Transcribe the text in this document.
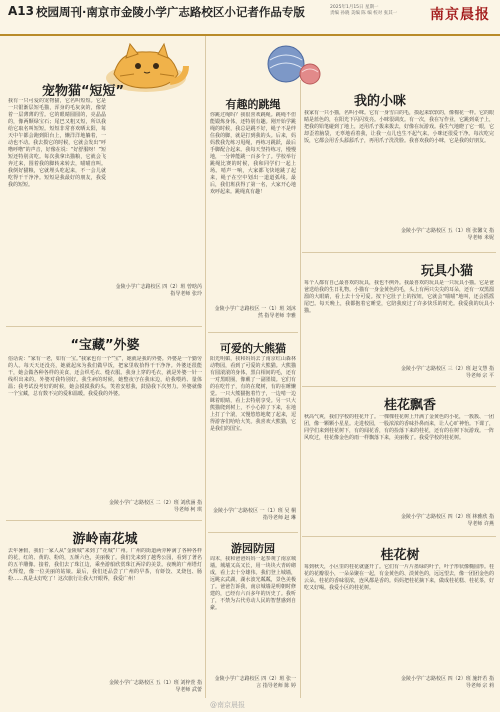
A13 校园周刊·南京市金陵小学广志路校区小记者作品专版	2025年1月15日 星期一
责编 孙晓 美编 陈 编 校对 张其一	南京晨报
宠物猫“短短”
我有一只可爱的宠物猫，它名叫短短。它是一只银渐层短毛猫，浑身的毛灰灰的，像蒙着一层薄薄的雪。它的眼睛圆圆的，亮晶晶的，像两颗绿宝石；尾巴又粗又短，所以我给它取名叫短短。短短非常喜欢晒太阳，每天中午都会跑到阳台上，懒洋洋地躺着，一动也不动。我去摸它的时候，它就会发出“呼噜呼噜”的声音，好像在说：“好舒服呀！”短短还特别贪吃。每次我拿出猫粮，它就会飞奔过来，围着我的脚转来转去，喵喵直叫。我倒好猫粮，它就埋头吃起来，不一会儿就吃得干干净净。短短是我最好的朋友，我爱我的短短。
金陵小学广志路校区 四（2）班 曾晗芮 指导老师 张玲
“宝藏”外婆
俗话说：“家有一老，如有一宝。”我家也有一个“宝”，她就是我的外婆。外婆是一个勤劳的人。每天天还没亮，她就起床为我们做早饭，把家里收拾得干干净净。外婆还很能干，她会做各种各样的美食，还会织毛衣、缝衣服。我身上穿的毛衣，就是外婆一针一线织出来的。外婆对我特别好。我生病的时候，她整夜守在我床边，给我喂药、量体温；我考试没考好的时候，她会摸摸我的头，笑着安慰我，鼓励我下次努力。外婆就像一个宝藏，总有数不完的爱和温暖。我爱我的外婆。
金陵小学广志路校区 二（2）班 刘欣涵 指导老师 柯 琪
游岭南花城
去年暑假，我们一家人从“金陵城”来到了“花城”广州。广州的街道两旁种满了各种各样的花，红的、黄的、粉的，五颜六色，美丽极了。我们先来到了越秀公园，看到了著名的五羊雕像。接着，我们去了珠江边，乘坐游船欣赏珠江两岸的美景。夜晚的广州塔灯火辉煌，像一位美丽的姑娘。最后，我们还品尝了广州的早茶，有虾饺、叉烧包、肠粉……真是太好吃了！这次旅行让我大开眼界，我爱广州！
金陵小学广志路校区 五（1）班 刘梓萱 指导老师 武蕾
有趣的跳绳
你跳过绳吗？我很喜欢跳绳。跳绳不但能锻炼身体，还特别有趣。刚开始学跳绳的时候，我总是跳不好，绳子不是绊住我的脚，就是打到我的头。后来，妈妈教我先练习甩绳，再练习跳跃，最后手脚配合起来。我每天坚持练习，慢慢地，一分钟能跳一百多个了。学校举行跳绳比赛的时候，我和同学们一起上场。哨声一响，大家都飞快地跳了起来，绳子在空中划出一道道弧线。最后，我们班获得了第一名，大家开心地欢呼起来。跳绳真有趣！
金陵小学广志路校区 一（1）班 刘沐然 指导老师 李雅
可爱的大熊猫
阳光明媚，我和妈妈去了南京红山森林动物园，看到了可爱的大熊猫。大熊猫有圆滚滚的身体，黑白相间的毛，还有一对黑眼圈，像戴了一副墨镜。它们有的在吃竹子，有的在爬树，有的在睡懒觉。一只大熊猫抱着竹子，一边啃一边眯着眼睛，看上去特别享受。另一只大熊猫爬到树上，不小心掉了下来，在地上打了个滚，又慢悠悠地爬了起来，逗得游客们哈哈大笑。我喜欢大熊猫，它是我们的国宝。
金陵小学广志路校区 一（1）班 吴 桐 指导老师 赵 琳
游园防园
周末，我和爸爸妈妈一起参观了南京城墙。城墙又高又长，用一块块大青砖砌成，看上去十分雄伟。我们登上城墙，远眺玄武湖，湖水波光粼粼，景色美极了。爸爸告诉我，南京城墙是明朝时修建的，已经有六百多年的历史了。我听了，不禁为古代劳动人民的智慧感到自豪。
金陵小学广志路校区 四（2）班 张一言 指导老师 陈 婷
我的小咪
我家有一只小猫，名叫小咪。它有一身雪白的毛，摸起来软软的，像棉花一样。它的眼睛是蓝色的，在阳光下闪闪发亮。小咪很调皮。有一次，我在写作业，它跳到桌子上，把我的铅笔碰到了地上，还用爪子拨来拨去，好像在玩游戏。我生气地瞪了它一眼，它却歪着脑袋，无辜地看着我，让我一点儿也生不起气来。小咪还很爱干净。每次吃完饭，它都会用舌头舔舔爪子，再用爪子洗洗脸。我喜欢我的小咪，它是我的好朋友。
金陵小学广志路校区 五（1）班 张馨文 指导老师 米妮
玩具小猫
每个人都有自己最喜欢的玩具，我也不例外。我最喜欢的玩具是一只玩具小猫。它是爸爸送给我的生日礼物。小猫有一身金黄色的毛，头上有两只尖尖的耳朵，还有一双黑溜溜的大眼睛，看上去十分可爱。按下它肚子上的按钮，它就会“喵喵”地叫，还会摇摇尾巴。每天晚上，我都抱着它睡觉，它陪我度过了许多快乐的时光。我爱我的玩具小猫。
金陵小学广志路校区 三（2）班 赵文慧 指导老师 宗 平
桂花飘香
秋高气爽，我们学校的桂花开了。一棵棵桂花树上开满了金黄色的小花，一簇簇、一团团，像一颗颗小星星。走进校园，一股浓浓的香味扑鼻而来，让人心旷神怡。下课了，同学们来到桂花树下，有的闻花香，有的捡落下来的桂花，还有的在树下玩游戏。一阵风吹过，桂花像金色的雨一样飘落下来，美丽极了。我爱学校的桂花树。
金陵小学广志路校区 四（2）班 林雅欣 指导老师 许燕
桂花树
每到秋天，小区里的桂花就盛开了。它们有一片片墨绿的叶子，叶子形状像椭圆形。桂花的花瓣很小，一朵朵聚在一起，有金黄色的、淡黄色的，远远望去，像一团团金色的云朵。桂花的香味很浓，连风都是香的。妈妈把桂花摘下来，做成桂花糕、桂花茶，好吃又好喝。我爱小区的桂花树。
金陵小学广志路校区 四（2）班 施轩若 指导老师 宗 莉
@南京晨报
